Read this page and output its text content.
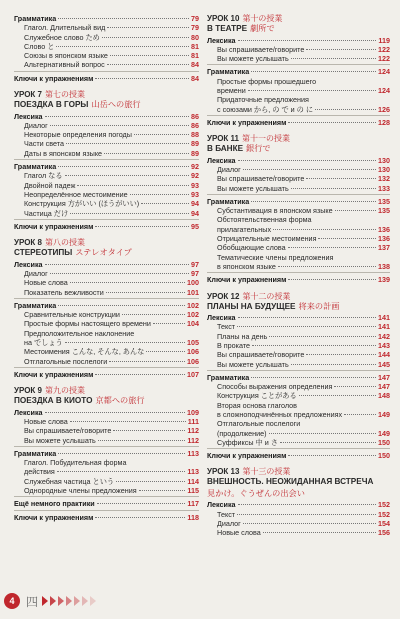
Грамматика	79
Глагол. Длительный вид	79
Служебное слово ため	80
Слово と	81
Союзы в японском языке	81
Альтернативный вопрос	84
Ключи к упражнениям	84
УРОК 7 第七の授業
ПОЕЗДКА В ГОРЫ 山岳への旅行
Лексика	86
Диалог	86
Некоторые определения погоды	88
Части света	89
Даты в японском языке	89
Грамматика	92
Глагол なる	92
Двойной падеж	93
Неопределённое местоимение	93
Конструкция 方がいい (ほうがいい)	94
Частица だけ	94
Ключи к упражнениям	95
УРОК 8 第八の授業
СТЕРЕОТИПЫ ステレオタイプ
Лексика	97
Диалог	97
Новые слова	100
Показатель вежливости	101
Грамматика	102
Сравнительные конструкции	102
Простые формы настоящего времени	104
Предположительное наклонение
на でしょう	105
Местоимения こんな, そんな, あんな	106
Отглагольные послелоги	106
Ключи к упражнениям	107
УРОК 9 第九の授業
ПОЕЗДКА В КИОТО 京都への旅行
Лексика	109
Новые слова	111
Вы спрашиваете/говорите	112
Вы можете услышать	112
Грамматика	113
Глагол. Побудительная форма
действия	113
Служебная частица という	114
Однородные члены предложения	115
Ещё немного практики	117
Ключи к упражнениям	118
УРОК 10 第十の授業
В ТЕАТРЕ 劇所で
Лексика	119
Вы спрашиваете/говорите	122
Вы можете услышать	122
Грамматика	124
Простые формы прошедшего
времени	124
Придаточные предложения
с союзами から, の で и の に	126
Ключи к упражнениям	128
УРОК 11 第十一の授業
В БАНКЕ 銀行で
Лексика	130
Диалог	130
Вы спрашиваете/говорите	132
Вы можете услышать	133
Грамматика	135
Субстантивация в японском языке	135
Обстоятельственная форма
прилагательных	136
Отрицательные местоимения	136
Обобщающие слова	137
Тематические члены предложения
в японском языке	138
Ключи к упражнениям	139
УРОК 12 第十二の授業
ПЛАНЫ НА БУДУЩЕЕ 将来の計画
Лексика	141
Текст	141
Планы на день	142
В прокате	143
Вы спрашиваете/говорите	144
Вы можете услышать	145
Грамматика	147
Способы выражения определения	147
Конструкция ことがある	148
Вторая основа глаголов
в сложноподчинённых предложениях	149
Отглагольные послелоги
(продолжение)	149
Суффиксы 中 и さ	150
Ключи к упражнениям	150
УРОК 13 第十三の授業
ВНЕШНОСТЬ. НЕОЖИДАННАЯ ВСТРЕЧА
見かけ。ぐうぜんの出会い
Лексика	152
Текст	152
Диалог	154
Новые слова	156
4 四
